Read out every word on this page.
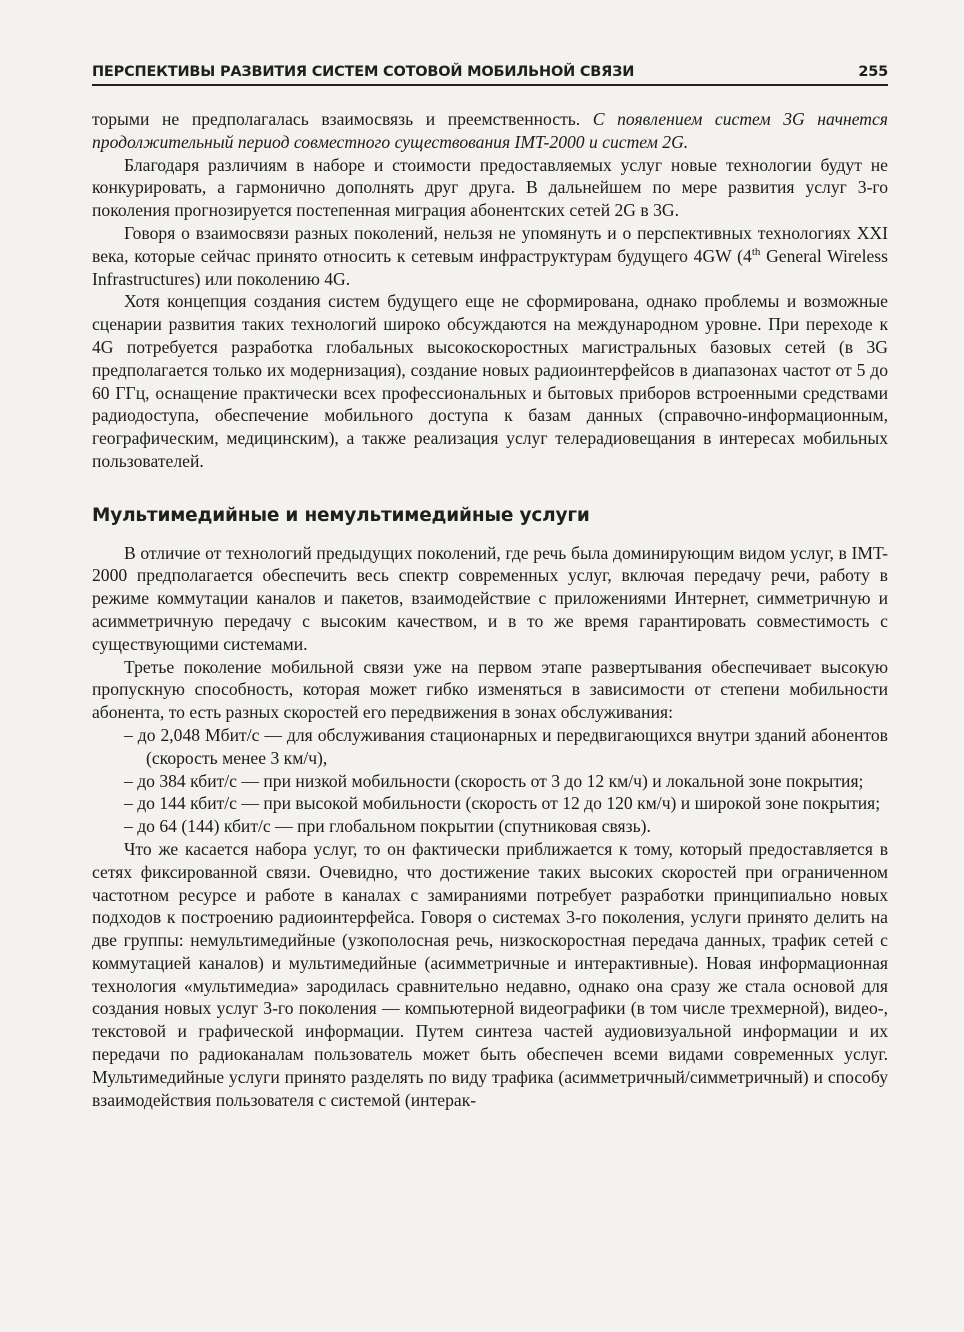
ПЕРСПЕКТИВЫ РАЗВИТИЯ СИСТЕМ СОТОВОЙ МОБИЛЬНОЙ СВЯЗИ	255

торыми не предполагалась взаимосвязь и преемственность. С появлением систем 3G начнется продолжительный период совместного существования IMT-2000 и систем 2G.

Благодаря различиям в наборе и стоимости предоставляемых услуг новые технологии будут не конкурировать, а гармонично дополнять друг друга. В дальнейшем по мере развития услуг 3-го поколения прогнозируется постепенная миграция абонентских сетей 2G в 3G.

Говоря о взаимосвязи разных поколений, нельзя не упомянуть и о перспективных технологиях XXI века, которые сейчас принято относить к сетевым инфраструктурам будущего 4GW (4th General Wireless Infrastructures) или поколению 4G.

Хотя концепция создания систем будущего еще не сформирована, однако проблемы и возможные сценарии развития таких технологий широко обсуждаются на международном уровне. При переходе к 4G потребуется разработка глобальных высокоскоростных магистральных базовых сетей (в 3G предполагается только их модернизация), создание новых радиоинтерфейсов в диапазонах частот от 5 до 60 ГГц, оснащение практически всех профессиональных и бытовых приборов встроенными средствами радиодоступа, обеспечение мобильного доступа к базам данных (справочно-информационным, географическим, медицинским), а также реализация услуг телерадиовещания в интересах мобильных пользователей.

Мультимедийные и немультимедийные услуги

В отличие от технологий предыдущих поколений, где речь была доминирующим видом услуг, в IMT-2000 предполагается обеспечить весь спектр современных услуг, включая передачу речи, работу в режиме коммутации каналов и пакетов, взаимодействие с приложениями Интернет, симметричную и асимметричную передачу с высоким качеством, и в то же время гарантировать совместимость с существующими системами.

Третье поколение мобильной связи уже на первом этапе развертывания обеспечивает высокую пропускную способность, которая может гибко изменяться в зависимости от степени мобильности абонента, то есть разных скоростей его передвижения в зонах обслуживания:

– до 2,048 Мбит/с — для обслуживания стационарных и передвигающихся внутри зданий абонентов (скорость менее 3 км/ч),
– до 384 кбит/с — при низкой мобильности (скорость от 3 до 12 км/ч) и локальной зоне покрытия;
– до 144 кбит/с — при высокой мобильности (скорость от 12 до 120 км/ч) и широкой зоне покрытия;
– до 64 (144) кбит/с — при глобальном покрытии (спутниковая связь).

Что же касается набора услуг, то он фактически приближается к тому, который предоставляется в сетях фиксированной связи. Очевидно, что достижение таких высоких скоростей при ограниченном частотном ресурсе и работе в каналах с замираниями потребует разработки принципиально новых подходов к построению радиоинтерфейса. Говоря о системах 3-го поколения, услуги принято делить на две группы: немультимедийные (узкополосная речь, низкоскоростная передача данных, трафик сетей с коммутацией каналов) и мультимедийные (асимметричные и интерактивные). Новая информационная технология «мультимедиа» зародилась сравнительно недавно, однако она сразу же стала основой для создания новых услуг 3-го поколения — компьютерной видеографики (в том числе трехмерной), видео-, текстовой и графической информации. Путем синтеза частей аудиовизуальной информации и их передачи по радиоканалам пользователь может быть обеспечен всеми видами современных услуг. Мультимедийные услуги принято разделять по виду трафика (асимметричный/симметричный) и способу взаимодействия пользователя с системой (интерак-
